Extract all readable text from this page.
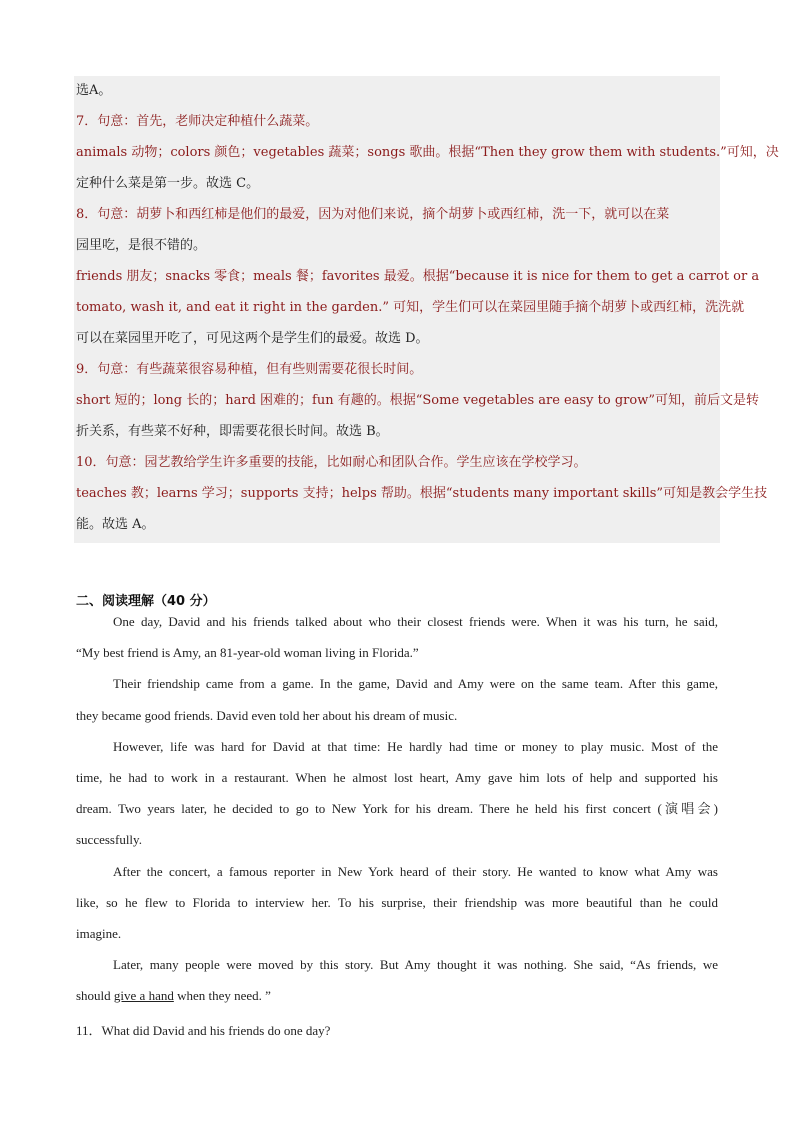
选A。
7．句意：首先，老师决定种植什么蔬菜。
animals 动物；colors 颜色；vegetables 蔬菜；songs 歌曲。根据“Then they grow them with students.”可知，决
定种什么菜是第一步。故选 C。
8．句意：胡萝卜和西红柿是他们的最爱，因为对他们来说，摘个胡萝卜或西红柿，洗一下，就可以在菜
园里吃，是很不错的。
friends 朋友；snacks 零食；meals 餐；favorites 最爱。根据“because it is nice for them to get a carrot or a
tomato, wash it, and eat it right in the garden.” 可知，学生们可以在菜园里随手摘个胡萝卜或西红柿，洗洗就
可以在菜园里开吃了，可见这两个是学生们的最爱。故选 D。
9．句意：有些蔬菜很容易种植，但有些则需要花很长时间。
short 短的；long 长的；hard 困难的；fun 有趣的。根据“Some vegetables are easy to grow”可知，前后文是转
折关系，有些菜不好种，即需要花很长时间。故选 B。
10．句意：园艺教给学生许多重要的技能，比如耐心和团队合作。学生应该在学校学习。
teaches 教；learns 学习；supports 支持；helps 帮助。根据“students many important skills”可知是教会学生技
能。故选 A。
二、阅读理解（40 分）
One day, David and his friends talked about who their closest friends were. When it was his turn, he said,
“My best friend is Amy, an 81-year-old woman living in Florida.”
Their friendship came from a game. In the game, David and Amy were on the same team. After this game,
they became good friends. David even told her about his dream of music.
However, life was hard for David at that time: He hardly had time or money to play music. Most of the
time, he had to work in a restaurant. When he almost lost heart, Amy gave him lots of help and supported his
dream. Two years later, he decided to go to New York for his dream. There he held his first concert (演唱会)
successfully.
After the concert, a famous reporter in New York heard of their story. He wanted to know what Amy was
like, so he flew to Florida to interview her. To his surprise, their friendship was more beautiful than he could
imagine.
Later, many people were moved by this story. But Amy thought it was nothing. She said, “As friends, we
should give a hand when they need. ”
11．What did David and his friends do one day?
